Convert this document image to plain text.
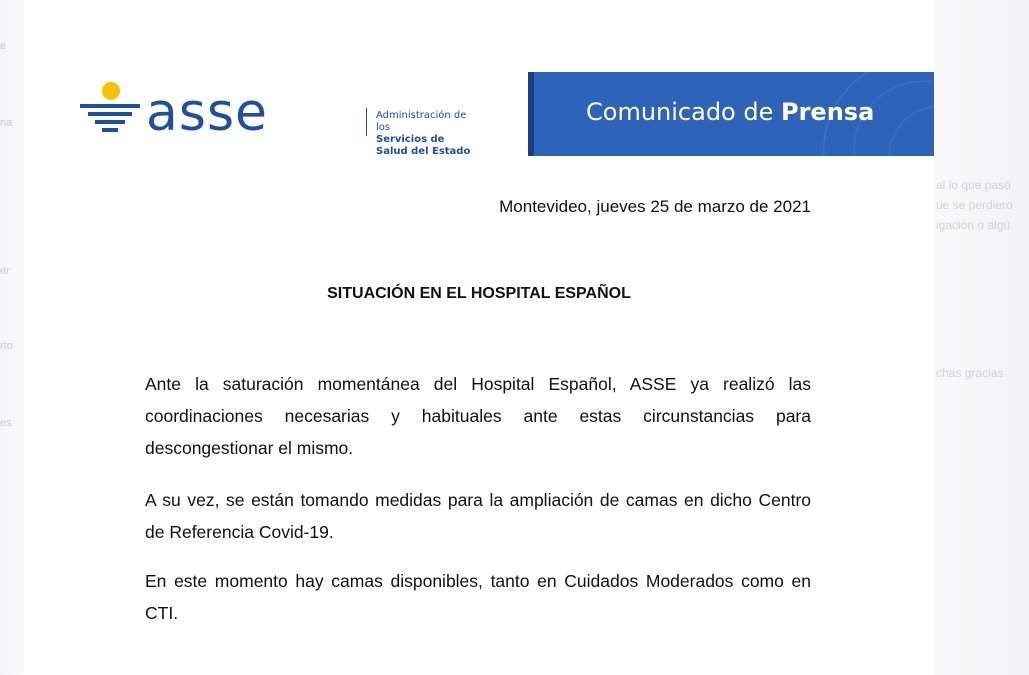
e
na
er
rto
es
al lo que pasó
ue se perdiero
igación o algú
chas gracias
asse	Administración de los
Servicios de Salud del Estado
Comunicado de Prensa
Montevideo, jueves 25 de marzo de 2021
SITUACIÓN EN EL HOSPITAL ESPAÑOL
Ante la saturación momentánea del Hospital Español, ASSE ya realizó las coordinaciones necesarias y habituales ante estas circunstancias para descongestionar el mismo.
A su vez, se están tomando medidas para la ampliación de camas en dicho Centro de Referencia Covid-19.
En este momento hay camas disponibles, tanto en Cuidados Moderados como en CTI.
